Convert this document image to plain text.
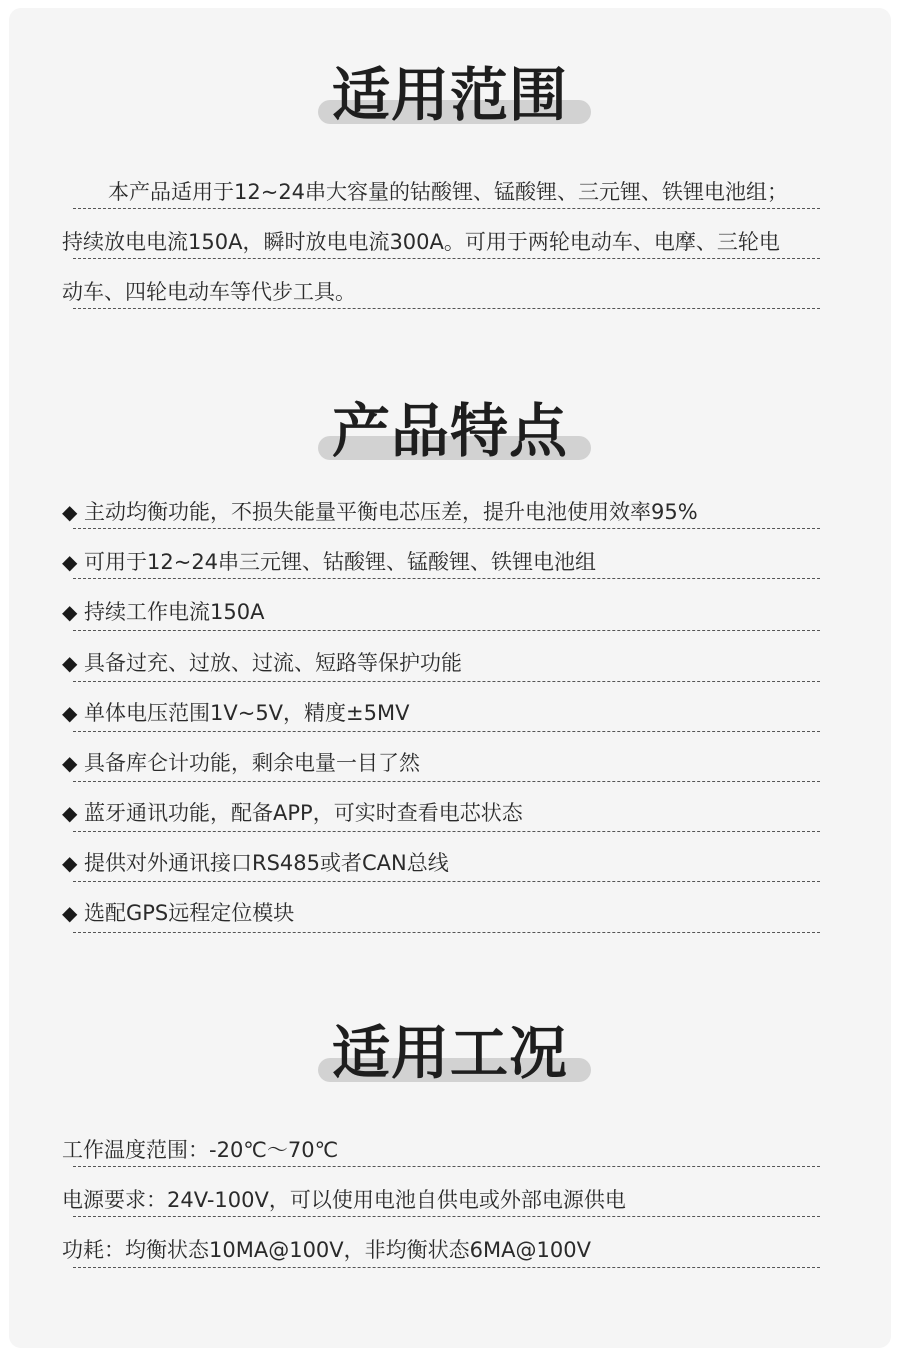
适用范围
本产品适用于12~24串大容量的钴酸锂、锰酸锂、三元锂、铁锂电池组；
持续放电电流150A，瞬时放电电流300A。可用于两轮电动车、电摩、三轮电
动车、四轮电动车等代步工具。
产品特点
◆ 主动均衡功能，不损失能量平衡电芯压差，提升电池使用效率95%
◆ 可用于12~24串三元锂、钴酸锂、锰酸锂、铁锂电池组
◆ 持续工作电流150A
◆ 具备过充、过放、过流、短路等保护功能
◆ 单体电压范围1V~5V，精度±5MV
◆ 具备库仑计功能，剩余电量一目了然
◆ 蓝牙通讯功能，配备APP，可实时查看电芯状态
◆ 提供对外通讯接口RS485或者CAN总线
◆ 选配GPS远程定位模块
适用工况
工作温度范围：-20℃～70℃
电源要求：24V-100V，可以使用电池自供电或外部电源供电
功耗：均衡状态10MA@100V，非均衡状态6MA@100V
